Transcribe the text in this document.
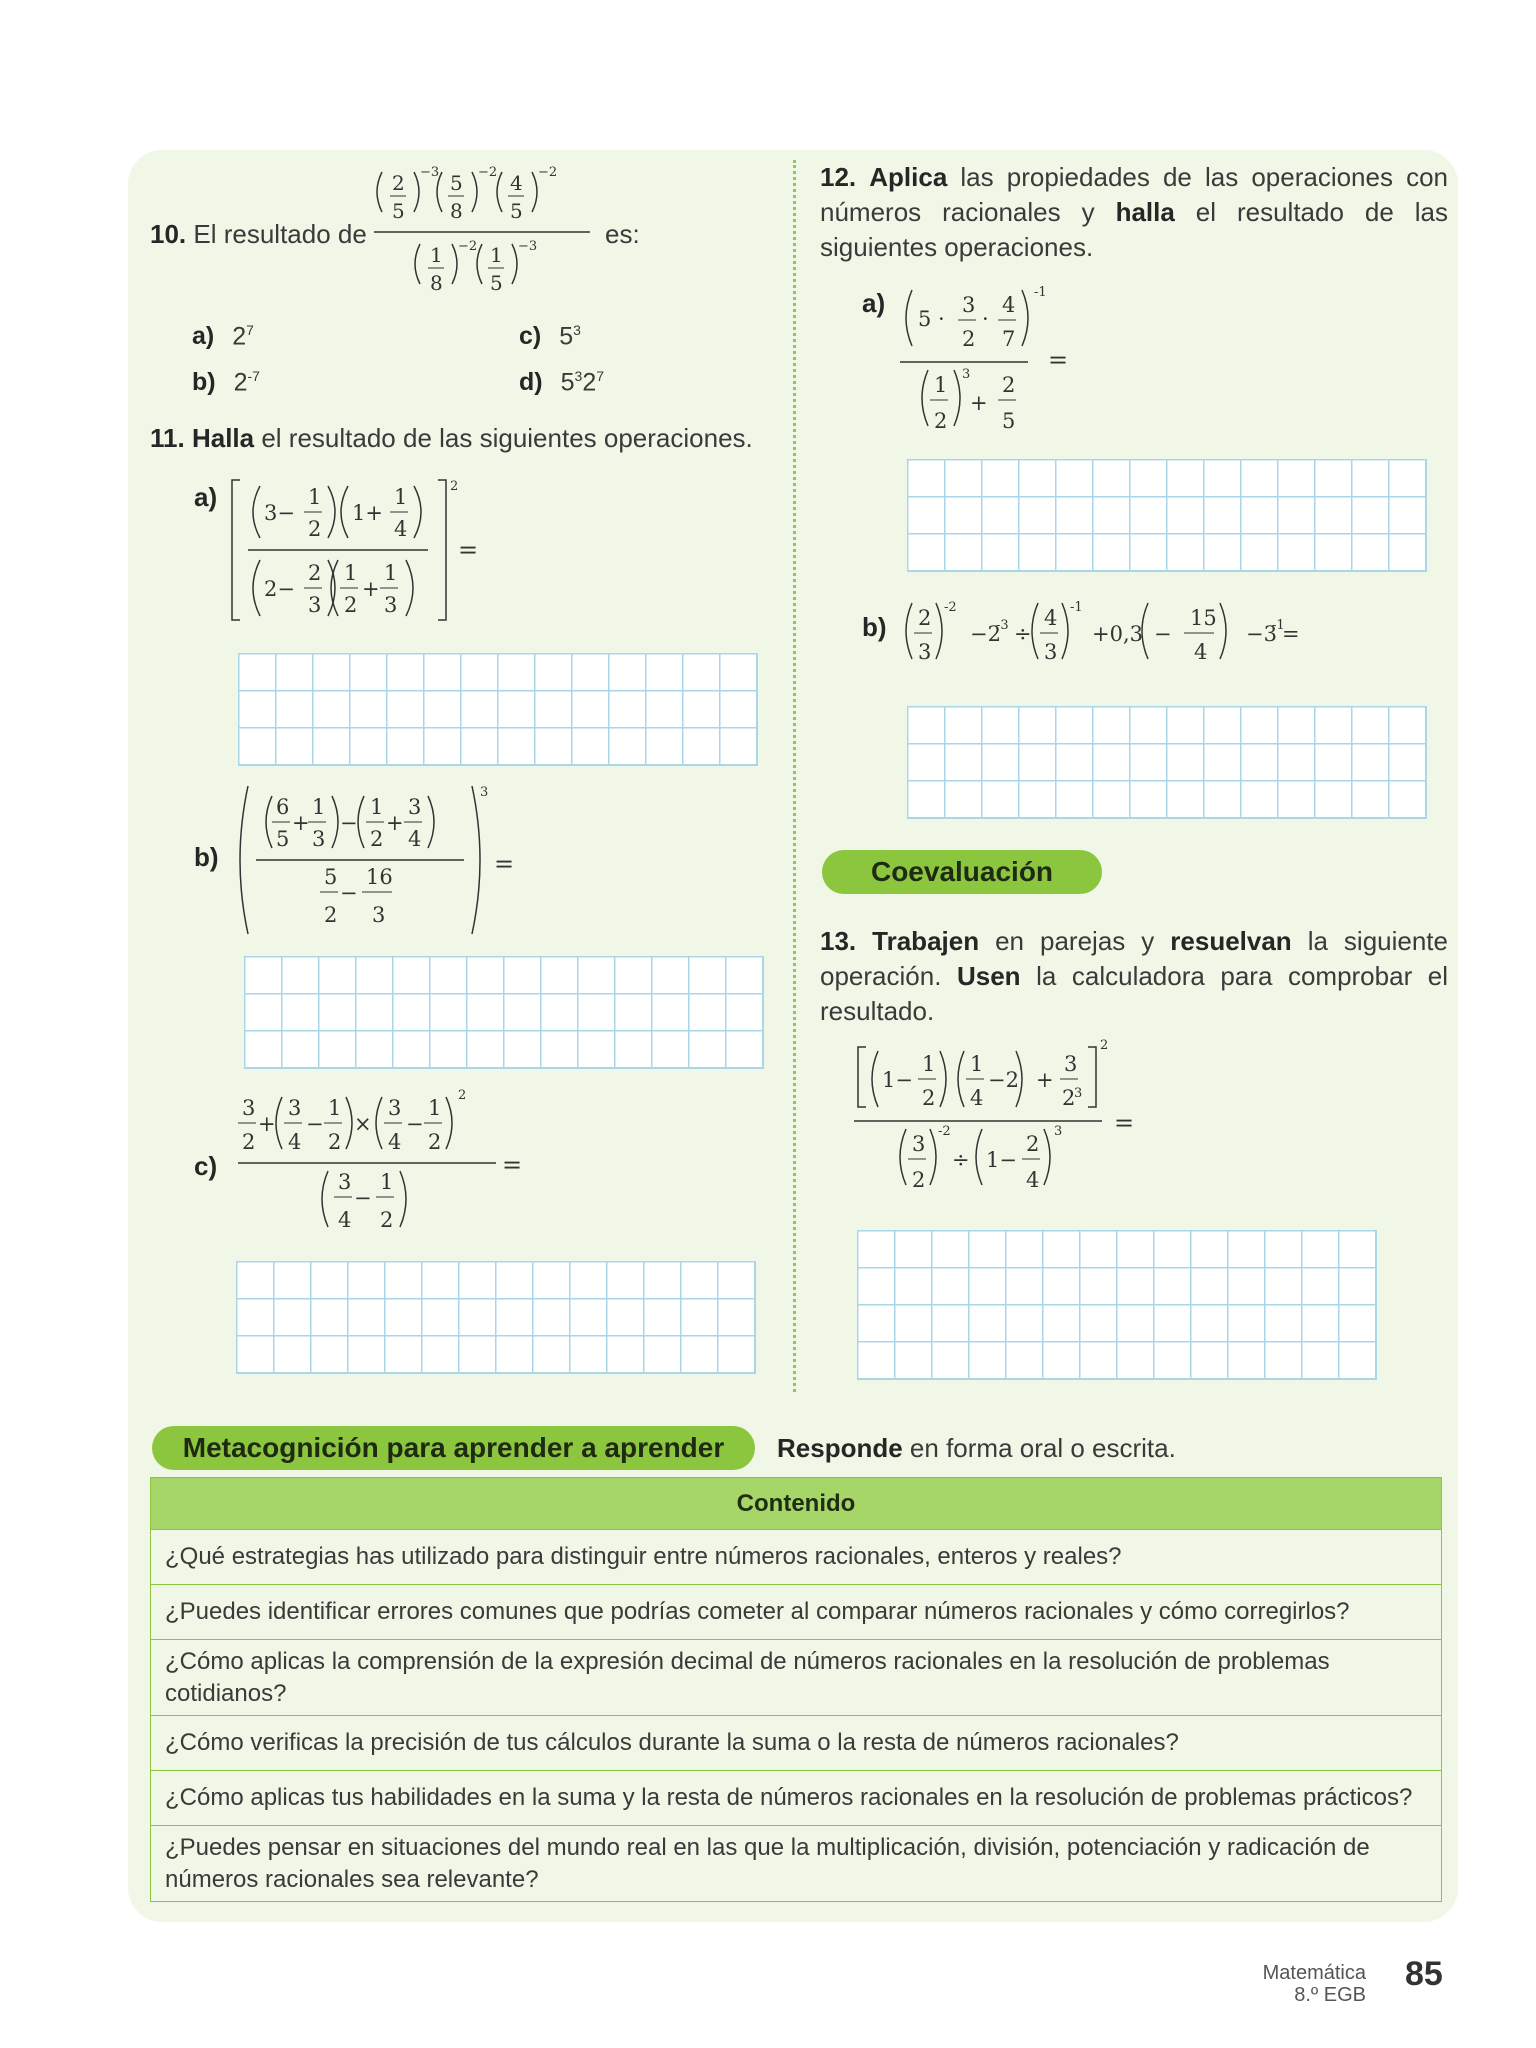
10. El resultado de
2
5
−3 5
8
−2 4
5
−2
1
8
−2 1
5
−3	es:
a) $2^7$
b) $2^{-7}$
c) $5^3$
d) $5^32^7$
11. Halla el resultado de las siguientes operaciones.
a)	2
3−
1
2
1+
1
4
2−
2
3
1
2
+
1
3
=
b)
3
6
5
+
1
3
−
1
2
+
3
4
5
2
−
16
3
=
c)
3
2
+
3
4
−
1
2
×
3
4
−
1
2
2
3
4
−
1
2
=
12. Aplica las propiedades de las operaciones con números racionales y halla el resultado de las siguientes operaciones.
a)
5 ·
3
2
·
4
7
-1
1
2
3
+
2
5
=
b) 2
3
-2
−2
-3 ÷
4
3
-1
+0,3 −
15
4
−3
-1
=
Coevaluación
13. Trabajen en parejas y resuelvan la siguiente operación. Usen la calculadora para comprobar el resultado.
1−
1
2
1
4
−2 +
3
2
3
2
3
2
-2
÷ 1−
2
4
3 =
Metacognición para aprender a aprender	Responde en forma oral o escrita.
Contenido
¿Qué estrategias has utilizado para distinguir entre números racionales, enteros y reales?
¿Puedes identificar errores comunes que podrías cometer al comparar números racionales y cómo corregirlos?
¿Cómo aplicas la comprensión de la expresión decimal de números racionales en la resolución de problemas cotidianos?
¿Cómo verificas la precisión de tus cálculos durante la suma o la resta de números racionales?
¿Cómo aplicas tus habilidades en la suma y la resta de números racionales en la resolución de problemas prácticos?
¿Puedes pensar en situaciones del mundo real en las que la multiplicación, división, potenciación y radicación de números racionales sea relevante?
Matemática
8.º EGB
85
